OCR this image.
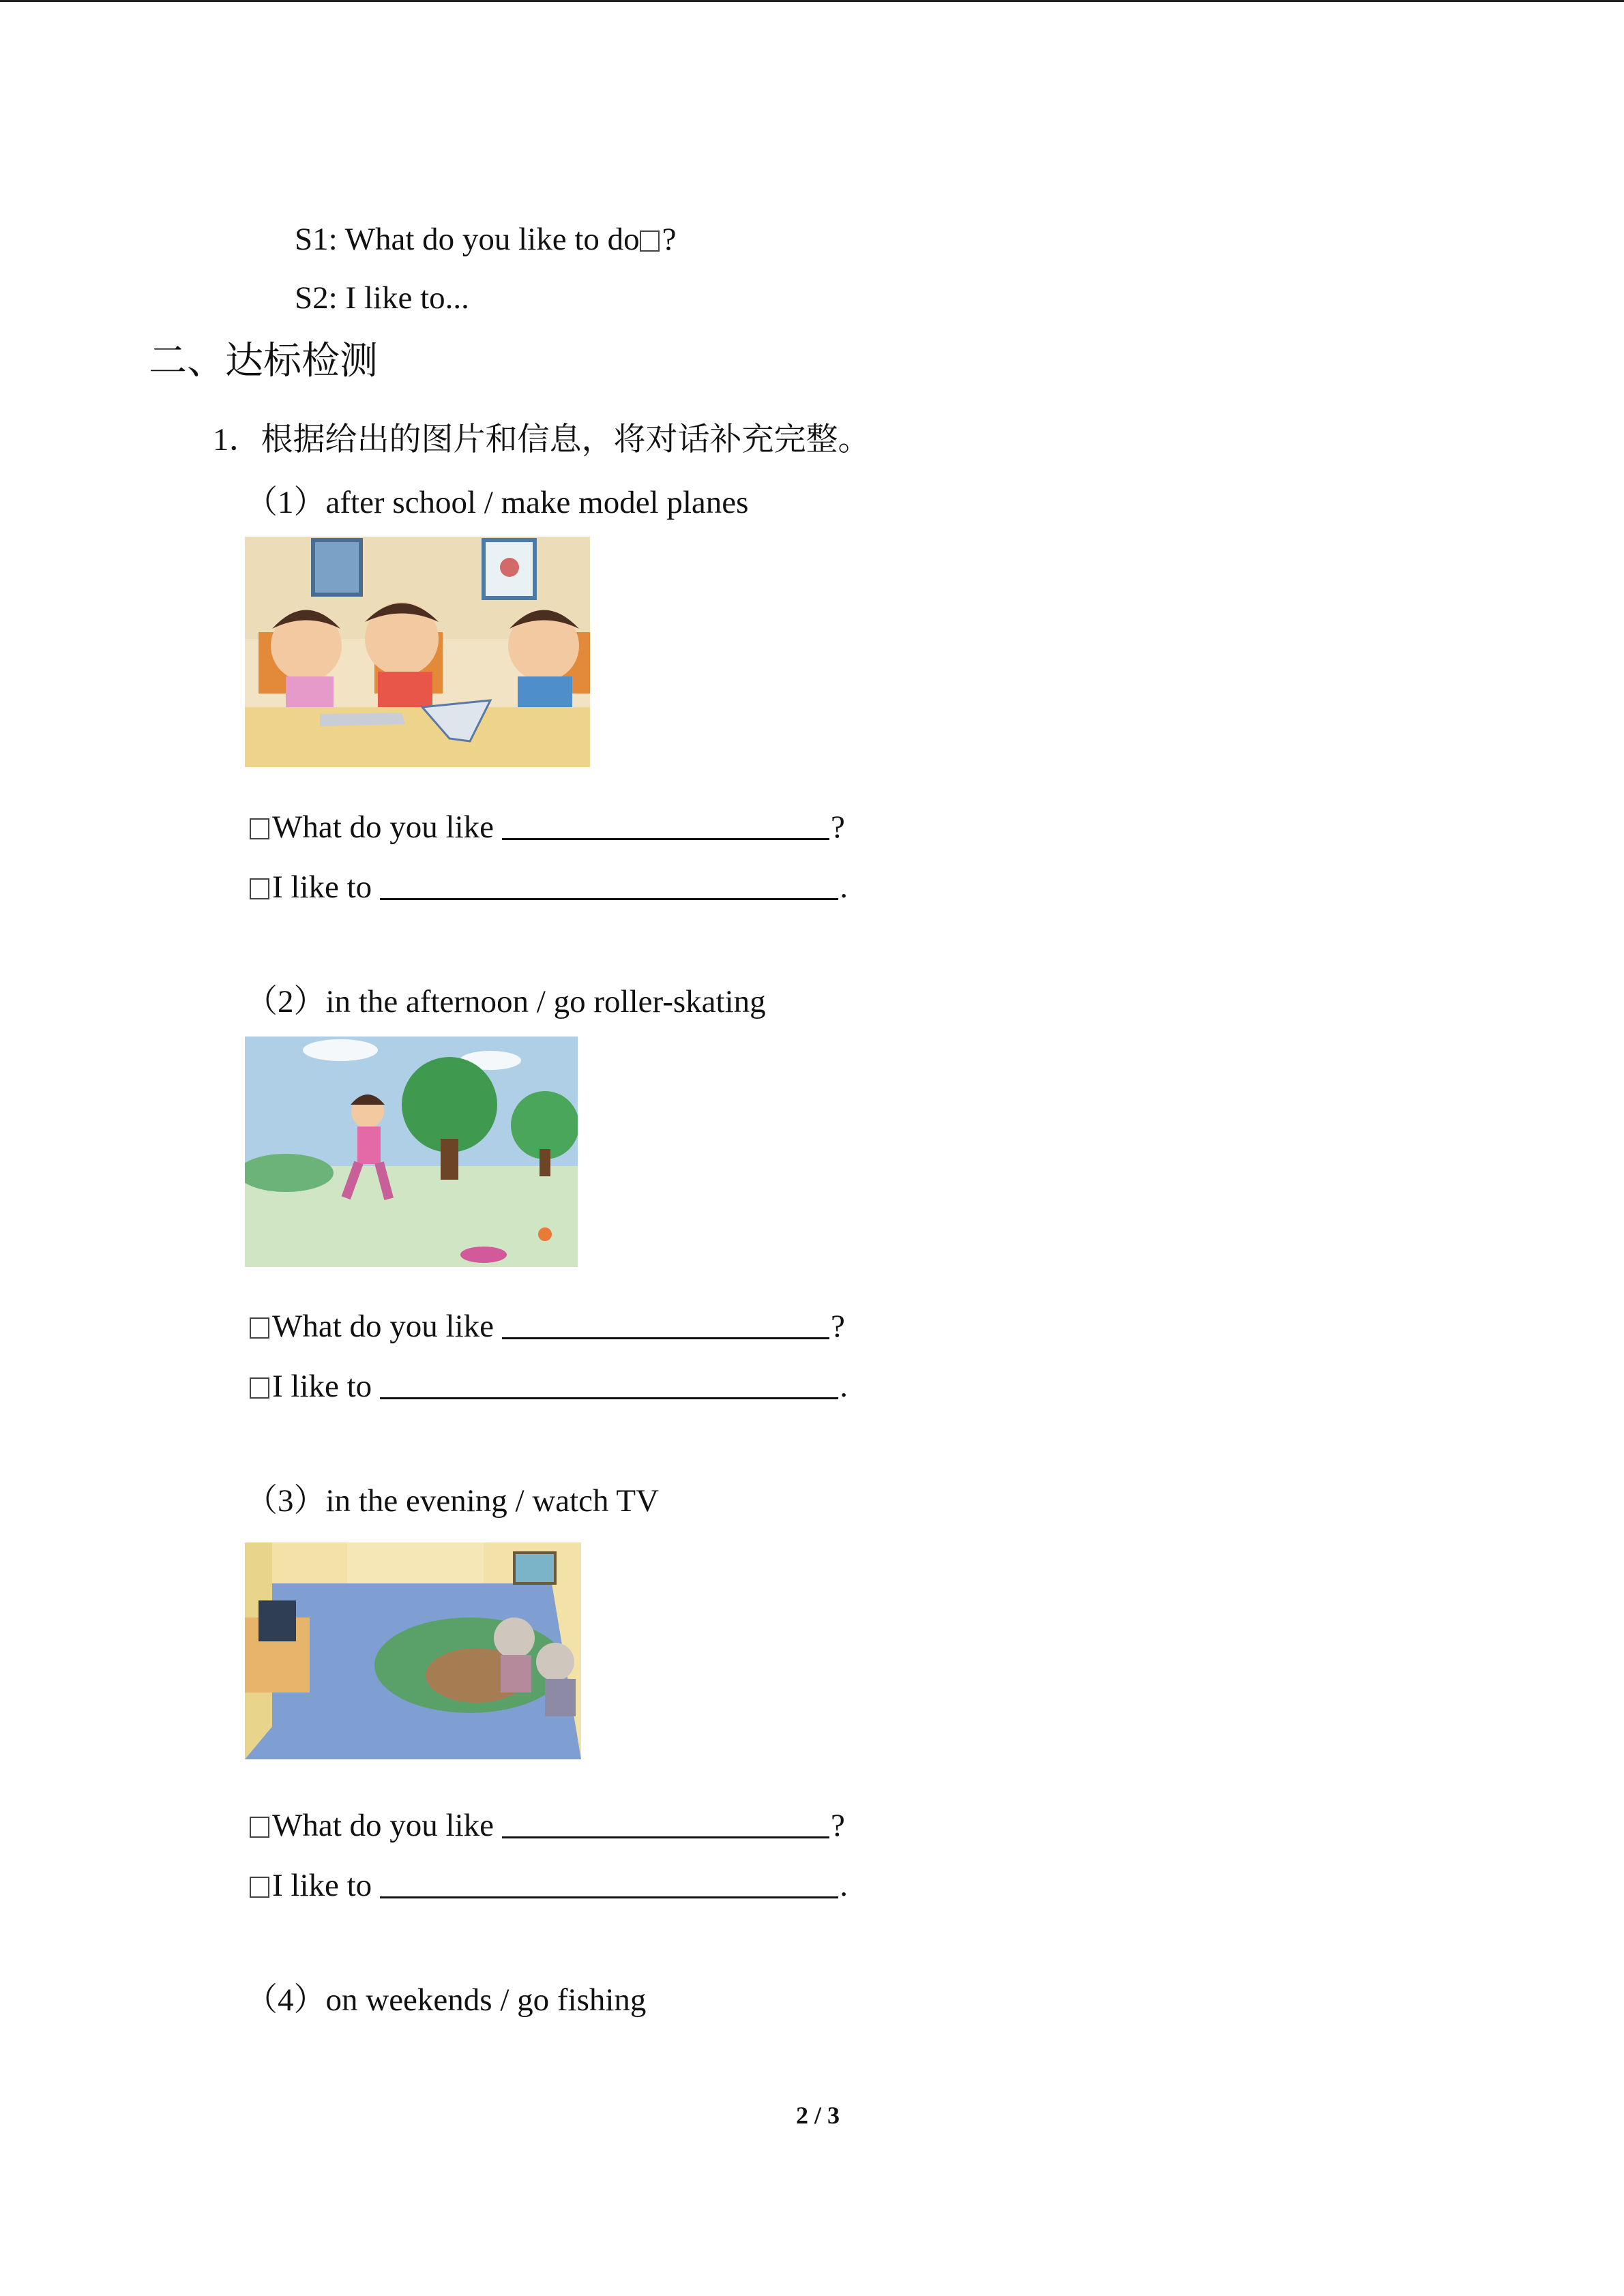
S1: What do you like to do ?
S2: I like to...
二、达标检测
1．根据给出的图片和信息，将对话补充完整。
（1）after school / make model planes
What do you like	?
I like to	.
（2）in the afternoon / go roller-skating
What do you like	?
I like to	.
（3）in the evening / watch TV
What do you like	?
I like to	.
（4）on weekends / go fishing
2 / 3
